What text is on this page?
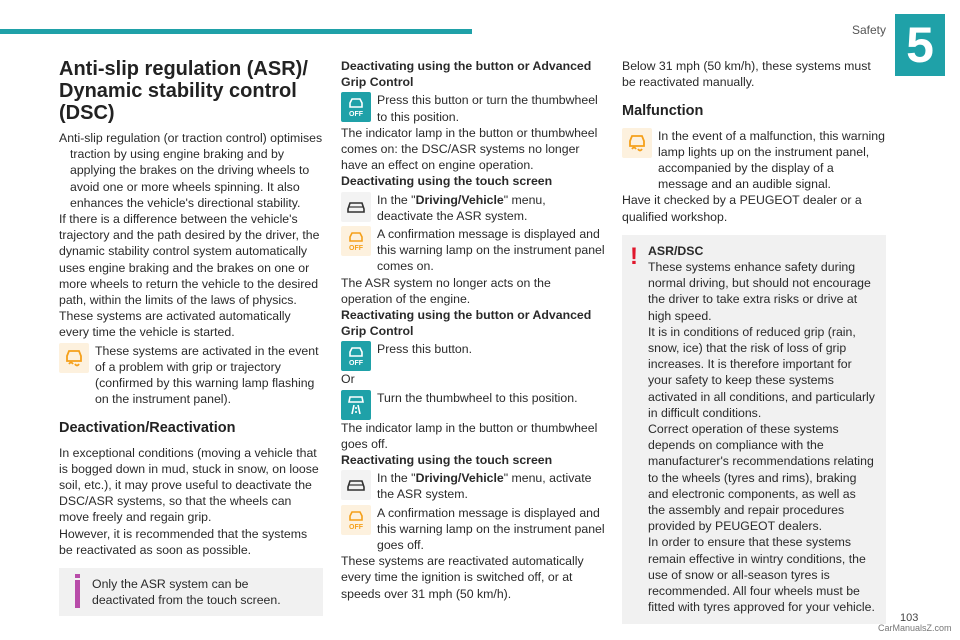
Safety 5
Anti-slip regulation (ASR)/ Dynamic stability control (DSC)

Anti-slip regulation (or traction control) optimises traction by using engine braking and by applying the brakes on the driving wheels to avoid one or more wheels spinning. It also enhances the vehicle's directional stability.

If there is a difference between the vehicle's trajectory and the path desired by the driver, the dynamic stability control system automatically uses engine braking and the brakes on one or more wheels to return the vehicle to the desired path, within the limits of the laws of physics.

These systems are activated automatically every time the vehicle is started.

These systems are activated in the event of a problem with grip or trajectory (confirmed by this warning lamp flashing on the instrument panel).

Deactivation/Reactivation

In exceptional conditions (moving a vehicle that is bogged down in mud, stuck in snow, on loose soil, etc.), it may prove useful to deactivate the DSC/ASR systems, so that the wheels can move freely and regain grip.

However, it is recommended that the systems be reactivated as soon as possible.

Only the ASR system can be deactivated from the touch screen.

Deactivating using the button or Advanced Grip Control

OFF

Press this button or turn the thumbwheel to this position.

The indicator lamp in the button or thumbwheel comes on: the DSC/ASR systems no longer have an effect on engine operation.

Deactivating using the touch screen

In the "Driving/Vehicle" menu, deactivate the ASR system.

OFF

A confirmation message is displayed and this warning lamp on the instrument panel comes on.

The ASR system no longer acts on the operation of the engine.

Reactivating using the button or Advanced Grip Control

OFF

Press this button.

Or

Turn the thumbwheel to this position.

The indicator lamp in the button or thumbwheel goes off.

Reactivating using the touch screen

In the "Driving/Vehicle" menu, activate the ASR system.

OFF

A confirmation message is displayed and this warning lamp on the instrument panel goes off.

These systems are reactivated automatically every time the ignition is switched off, or at speeds over 31 mph (50 km/h).

Below 31 mph (50 km/h), these systems must be reactivated manually.

Malfunction

In the event of a malfunction, this warning lamp lights up on the instrument panel, accompanied by the display of a message and an audible signal.

Have it checked by a PEUGEOT dealer or a qualified workshop.

! ASR/DSC

These systems enhance safety during normal driving, but should not encourage the driver to take extra risks or drive at high speed.

It is in conditions of reduced grip (rain, snow, ice) that the risk of loss of grip increases. It is therefore important for your safety to keep these systems activated in all conditions, and particularly in difficult conditions.

Correct operation of these systems depends on compliance with the manufacturer's recommendations relating to the wheels (tyres and rims), braking and electronic components, as well as the assembly and repair procedures provided by PEUGEOT dealers.

In order to ensure that these systems remain effective in wintry conditions, the use of snow or all-season tyres is recommended. All four wheels must be fitted with tyres approved for your vehicle.

103
CarManualsZ.com
